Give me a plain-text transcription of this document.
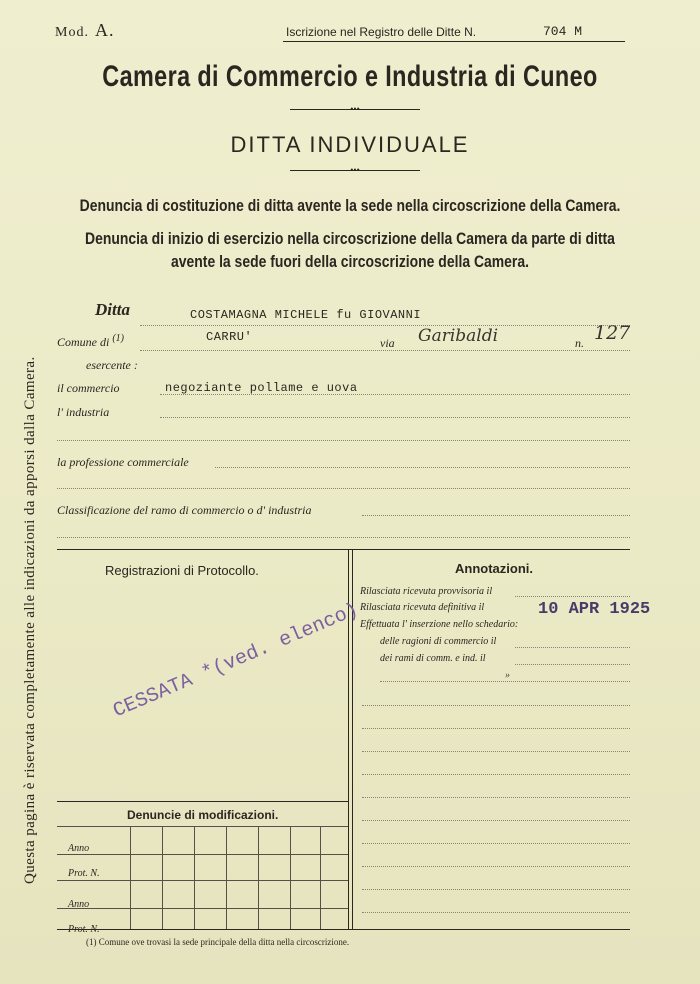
Mod. A.	Iscrizione nel Registro delle Ditte N.	704 M
Camera di Commercio e Industria di Cuneo
•••
DITTA INDIVIDUALE
•••
Denuncia di costituzione di ditta avente la sede nella circoscrizione della Camera.
Denuncia di inizio di esercizio nella circoscrizione della Camera da parte di ditta
avente la sede fuori della circoscrizione della Camera.
Questa pagina è riservata completamente alle indicazioni da apporsi dalla Camera.
Ditta	COSTAMAGNA MICHELE fu GIOVANNI
Comune di $^{(1)}$	CARRU'	via Garibaldi	n. 127
esercente :
il commercio	negoziante pollame e uova
l' industria
la professione commerciale
Classificazione del ramo di commercio o d' industria
Registrazioni di Protocollo.
CESSATA *(ved. elenco)
Annotazioni.
Rilasciata ricevuta provvisoria il
Rilasciata ricevuta definitiva il	10 APR 1925
Effettuata l' inserzione nello schedario:
delle ragioni di commercio il
dei rami di comm. e ind. il
»
Denuncie di modificazioni.
Anno
Prot. N.
Anno
Prot. N.
(1) Comune ove trovasi la sede principale della ditta nella circoscrizione.
